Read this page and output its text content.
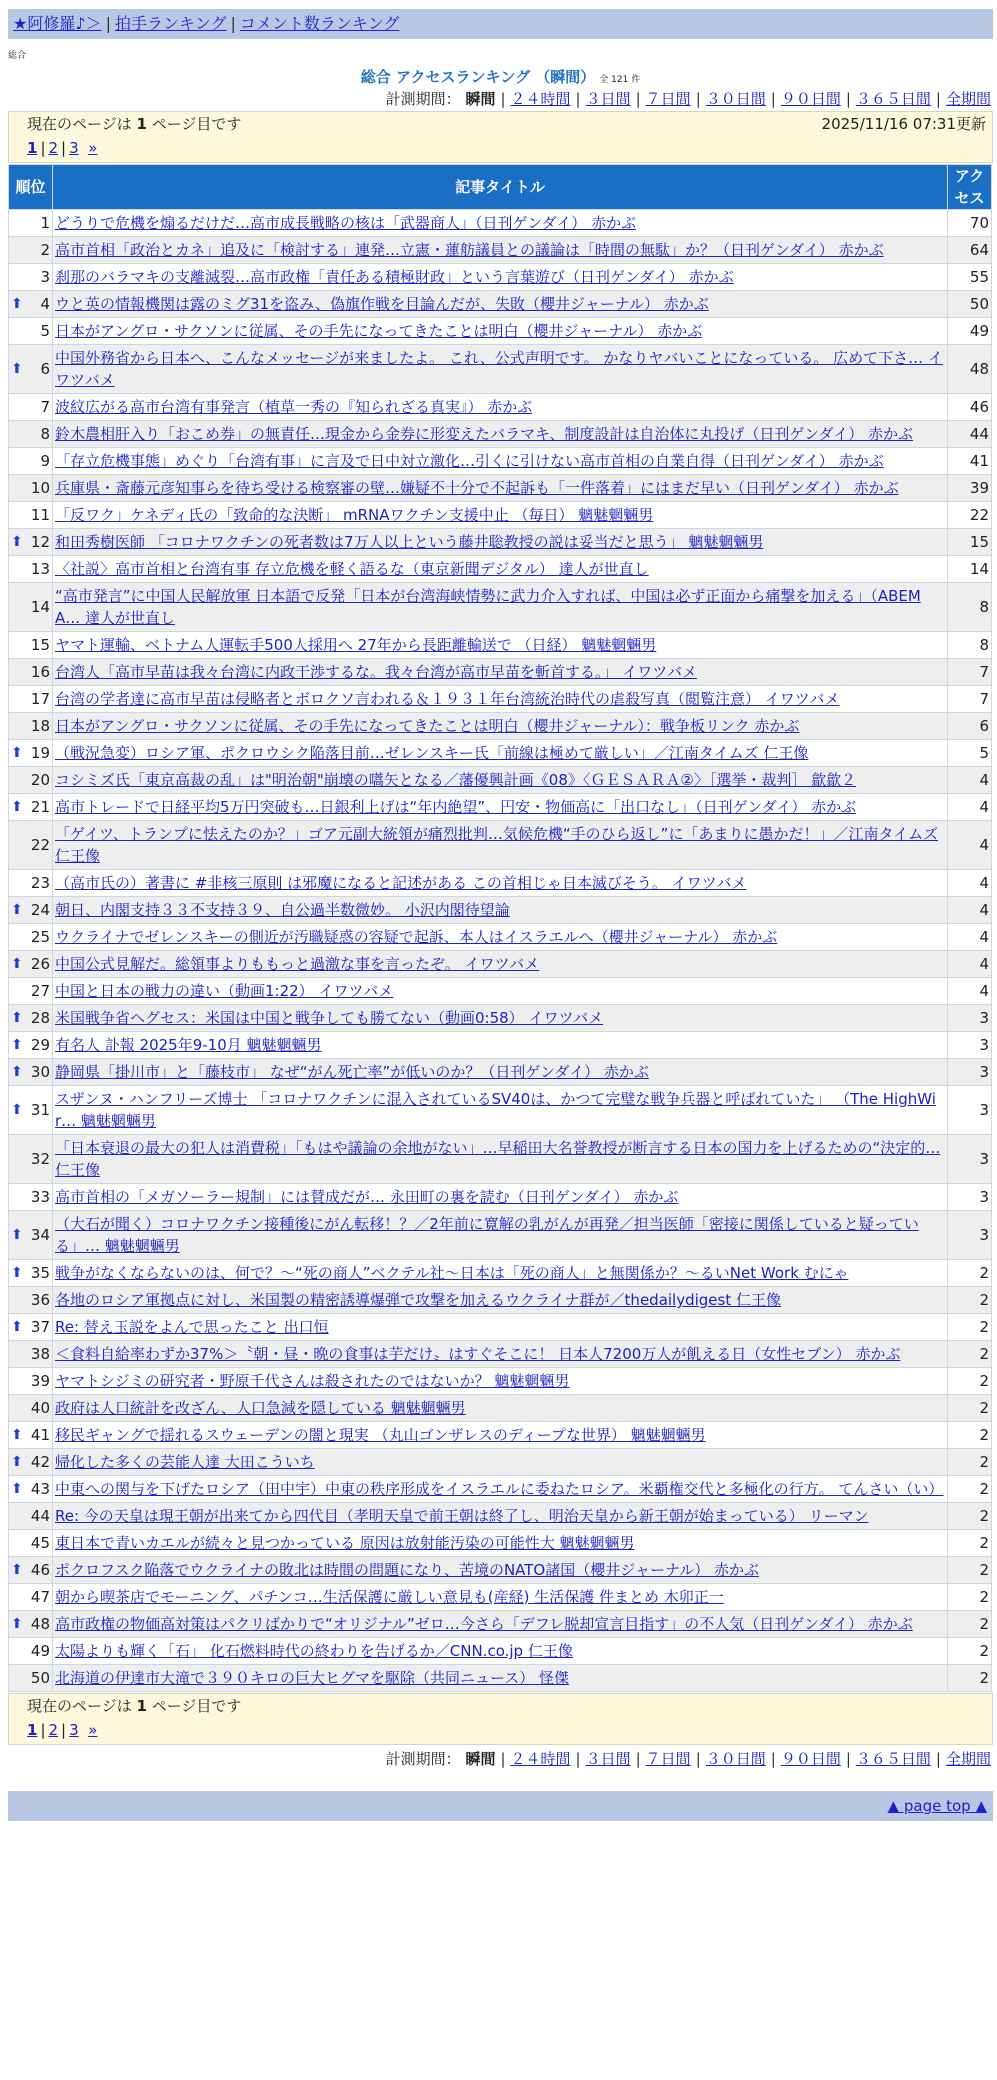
★阿修羅♪＞ | 拍手ランキング | コメント数ランキング
総合
総合 アクセスランキング （瞬間） 全 121 件
計測期間： 瞬間 | ２４時間 | ３日間 | ７日間 | ３０日間 | ９０日間 | ３６５日間 | 全期間
現在のページは 1 ページ目です	2025/11/16 07:31更新
1 | 2 | 3 »
順位	記事タイトル	アクセス
1	どうりで危機を煽るだけだ…高市成長戦略の核は「武器商人」（日刊ゲンダイ） 赤かぶ	70
2	高市首相「政治とカネ」追及に「検討する」連発…立憲・蓮舫議員との議論は「時間の無駄」か？（日刊ゲンダイ） 赤かぶ	64
3	刹那のバラマキの支離滅裂…高市政権「責任ある積極財政」という言葉遊び（日刊ゲンダイ） 赤かぶ	55

⬆ 4	ウと英の情報機関は露のミグ31を盗み、偽旗作戦を目論んだが、失敗（櫻井ジャーナル） 赤かぶ	50
5	日本がアングロ・サクソンに従属、その手先になってきたことは明白（櫻井ジャーナル） 赤かぶ	49

⬆ 6	中国外務省から日本へ、こんなメッセージが来ましたよ。 これ、公式声明です。 かなりヤバいことになっている。 広めて下さ… イワツバメ	48
7	波紋広がる高市台湾有事発言（植草一秀の『知られざる真実』） 赤かぶ	46
8	鈴木農相肝入り「おこめ券」の無責任…現金から金券に形変えたバラマキ、制度設計は自治体に丸投げ（日刊ゲンダイ） 赤かぶ	44
9	「存立危機事態」めぐり「台湾有事」に言及で日中対立激化…引くに引けない高市首相の自業自得（日刊ゲンダイ） 赤かぶ	41
10	兵庫県・斎藤元彦知事らを待ち受ける検察審の壁…嫌疑不十分で不起訴も「一件落着」にはまだ早い（日刊ゲンダイ） 赤かぶ	39
11	「反ワク」ケネディ氏の「致命的な決断」 mRNAワクチン支援中止 （毎日） 魑魅魍魎男	22

⬆ 12	和田秀樹医師 「コロナワクチンの死者数は7万人以上という藤井聡教授の説は妥当だと思う」 魑魅魍魎男	15
13	〈社説〉高市首相と台湾有事 存立危機を軽く語るな（東京新聞デジタル） 達人が世直し	14
14	“高市発言”に中国人民解放軍 日本語で反発「日本が台湾海峡情勢に武力介入すれば、中国は必ず正面から痛撃を加える」（ABEMA… 達人が世直し	8
15	ヤマト運輸、ベトナム人運転手500人採用へ 27年から長距離輸送で （日経） 魑魅魍魎男	8
16	台湾人「高市早苗は我々台湾に内政干渉するな。我々台湾が高市早苗を斬首する。」 イワツバメ	7
17	台湾の学者達に高市早苗は侵略者とボロクソ言われる＆１９３１年台湾統治時代の虐殺写真（閲覧注意） イワツバメ	7
18	日本がアングロ・サクソンに従属、その手先になってきたことは明白（櫻井ジャーナル）：戦争板リンク 赤かぶ	6

⬆ 19	（戦況急変）ロシア軍、ポクロウシク陥落目前…ゼレンスキー氏「前線は極めて厳しい」／江南タイムズ 仁王像	5
20	コシミズ氏「東京高裁の乱」は"明治朝"崩壊の嚆矢となる／藩優興計画《08》〈ＧＥＳＡＲＡ②〉［選挙・裁判］ 歙歙２	4

⬆ 21	高市トレードで日経平均5万円突破も…日銀利上げは“年内絶望”、円安・物価高に「出口なし」（日刊ゲンダイ） 赤かぶ	4
22	「ゲイツ、トランプに怯えたのか？」ゴア元副大統領が痛烈批判…気候危機“手のひら返し”に「あまりに愚かだ！」／江南タイムズ 仁王像	4
23	（高市氏の）著書に #非核三原則 は邪魔になると記述がある この首相じゃ日本滅びそう。 イワツバメ	4

⬆ 24	朝日、内閣支持３３不支持３９、自公過半数微妙。 小沢内閣待望論	4
25	ウクライナでゼレンスキーの側近が汚職疑惑の容疑で起訴、本人はイスラエルへ（櫻井ジャーナル） 赤かぶ	4

⬆ 26	中国公式見解だ。総領事よりももっと過激な事を言ったぞ。 イワツバメ	4
27	中国と日本の戦力の違い（動画1:22） イワツバメ	4

⬆ 28	米国戦争省ヘグセス：米国は中国と戦争しても勝てない（動画0:58） イワツバメ	3

⬆ 29	有名人 訃報 2025年9-10月 魑魅魍魎男	3

⬆ 30	静岡県「掛川市」と「藤枝市」 なぜ“がん死亡率”が低いのか？（日刊ゲンダイ） 赤かぶ	3

⬆ 31	スザンヌ・ハンフリーズ博士 「コロナワクチンに混入されているSV40は、かつて完璧な戦争兵器と呼ばれていた」 （The HighWir… 魑魅魍魎男	3
32	「日本衰退の最大の犯人は消費税」「もはや議論の余地がない」…早稲田大名誉教授が断言する日本の国力を上げるための“決定的… 仁王像	3
33	高市首相の「メガソーラー規制」には賛成だが… 永田町の裏を読む（日刊ゲンダイ） 赤かぶ	3

⬆ 34	（大石が聞く）コロナワクチン接種後にがん転移！？／2年前に寛解の乳がんが再発／担当医師「密接に関係していると疑っている」… 魑魅魍魎男	3

⬆ 35	戦争がなくならないのは、何で？～“死の商人”ベクテル社～日本は「死の商人」と無関係か？～るいNet Work むにゃ	2
36	各地のロシア軍拠点に対し、米国製の精密誘導爆弾で攻撃を加えるウクライナ群が／thedailydigest 仁王像	2

⬆ 37	Re: 替え玉説をよんで思ったこと 出口恒	2
38	＜食料自給率わずか37%＞〝朝・昼・晩の食事は芋だけ〟はすぐそこに！ 日本人7200万人が飢える日（女性セブン） 赤かぶ	2
39	ヤマトシジミの研究者・野原千代さんは殺されたのではないか？ 魑魅魍魎男	2
40	政府は人口統計を改ざん、人口急減を隠している 魑魅魍魎男	2

⬆ 41	移民ギャングで揺れるスウェーデンの闇と現実 （丸山ゴンザレスのディープな世界） 魑魅魍魎男	2

⬆ 42	帰化した多くの芸能人達 大田こういち	2

⬆ 43	中東への関与を下げたロシア（田中宇）中東の秩序形成をイスラエルに委ねたロシア。米覇権交代と多極化の行方。 てんさい（い）	2
44	Re: 今の天皇は現王朝が出来てから四代目（孝明天皇で前王朝は終了し、明治天皇から新王朝が始まっている） リーマン	2
45	東日本で青いカエルが続々と見つかっている 原因は放射能汚染の可能性大 魑魅魍魎男	2

⬆ 46	ポクロフスク陥落でウクライナの敗北は時間の問題になり、苦境のNATO諸国（櫻井ジャーナル） 赤かぶ	2
47	朝から喫茶店でモーニング、パチンコ…生活保護に厳しい意見も(産経) 生活保護 件まとめ 木卯正一	2

⬆ 48	高市政権の物価高対策はパクリばかりで“オリジナル”ゼロ…今さら「デフレ脱却宣言目指す」の不人気（日刊ゲンダイ） 赤かぶ	2
49	太陽よりも輝く「石」 化石燃料時代の終わりを告げるか／CNN.co.jp 仁王像	2
50	北海道の伊達市大滝で３９０キロの巨大ヒグマを駆除（共同ニュース） 怪傑	2
現在のページは 1 ページ目です
1 | 2 | 3 »
計測期間： 瞬間 | ２４時間 | ３日間 | ７日間 | ３０日間 | ９０日間 | ３６５日間 | 全期間
▲ page top ▲
